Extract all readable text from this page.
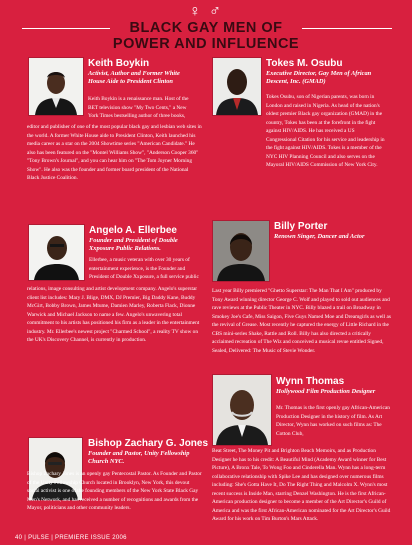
♀ ♂
BLACK GAY MEN OF
POWER AND INFLUENCE
Keith Boykin
Activist, Author and Former White House Aide to President Clinton
Keith Boykin is a renaissance man. Host of the BET television show "My Two Cents," a New York Times bestselling author of three books,
editor and publisher of one of the most popular black gay and lesbian web sites in the world. A former White House aide to President Clinton, Keith launched his media career as a star on the 2004 Showtime series "American Candidate." He also has been featured on the "Montel Williams Show", "Anderson Cooper 360" "Tony Brown's Journal", and you can hear him on "The Tom Joyner Morning Show". He also was the founder and former board president of the National Black Justice Coalition.
Tokes M. Osubu
Executive Director, Gay Men of African Descent, Inc. (GMAD)
Tokes Osubu, son of Nigerian parents, was born in London and raised in Nigeria. As head of the nation's oldest premier Black gay organization (GMAD) in the country, Tokes has been at the forefront in the fight against HIV/AIDS. He has received a US Congressional Citation for his service and leadership in the fight against HIV/AIDS. Tokes is a member of the NYC HIV Planning Council and also serves on the Mayoral HIV/AIDS Commission of New York City.
Angelo A. Ellerbee
Founder and President of Double Xxposure Public Relations.
Ellerbee, a music veteran with over 30 years of entertainment experience, is the Founder and President of Double Xxposure, a full service public
relations, image consulting and artist development company. Angelo's superstar client list includes: Mary J. Blige, DMX, DJ Premier, Big Daddy Kane, Buddy McGirt, Bobby Brown, James Mtume, Damien Marley, Roberta Flack, Dionne Warwick and Michael Jackson to name a few. Angelo's unwavering total commitment to his artists has positioned his firm as a leader in the entertainment industry. Mr. Ellerbee's newest project "Charmed School", a reality TV show on the UK's Discovery Channel, is currently in production.
Billy Porter
Renown Singer, Dancer and Actor
Last year Billy premiered "Ghetto Superstar: The Man That I Am" produced by Tony Award winning director George C. Wolf and played to sold out audiences and rave reviews at the Public Theater in NYC. Billy blazed a trail on Broadway in Smokey Joe's Cafe, Miss Saigon, Five Guys Named Moe and Dreamgirls as well as the revival of Grease. Most recently he captured the energy of Little Richard in the CBS mini-series Shake, Rattle and Roll. Billy has also directed a critically acclaimed recreation of The Wiz and conceived a musical revue entitled Signed, Sealed, Delivered: The Music of Stevie Wonder.
Wynn Thomas
Hollywood Film Production Designer
Mr. Thomas is the first openly gay African-American Production Designer in the history of film. As Art Director, Wynn has worked on such films as: The Cotton Club,
Beat Street, The Money Pit and Brighton Beach Memoirs, and as Production Designer he has to his credit: A Beautiful Mind (Academy Award winner for Best Picture), A Bronx Tale, To Wong Foo and Cinderella Man. Wynn has a long-term collaborative relationship with Spike Lee and has designed over numerous films including: She's Gotta Have It, Do The Right Thing and Malcolm X. Wynn's most recent success is Inside Man, starring Denzel Washington. He is the first African-American production designer to become a member of the Art Director's Guild of America and was the first African-American nominated for the Art Director's Guild Award for his work on Tim Burton's Mars Attack.
Bishop Zachary G. Jones
Founder and Pastor, Unity Fellowship Church NYC.
Bishop Zachary Jones is an openly gay Pentecostal Pastor. As Founder and Pastor of the Unity Fellowship Church located in Brooklyn, New York, this devout social activist is one of the founding members of the New York State Black Gay Men's Network, and has received a number of recognitions and awards from the Mayor, politicians and other community leaders.
40 | PULSE | PREMIERE ISSUE 2006
